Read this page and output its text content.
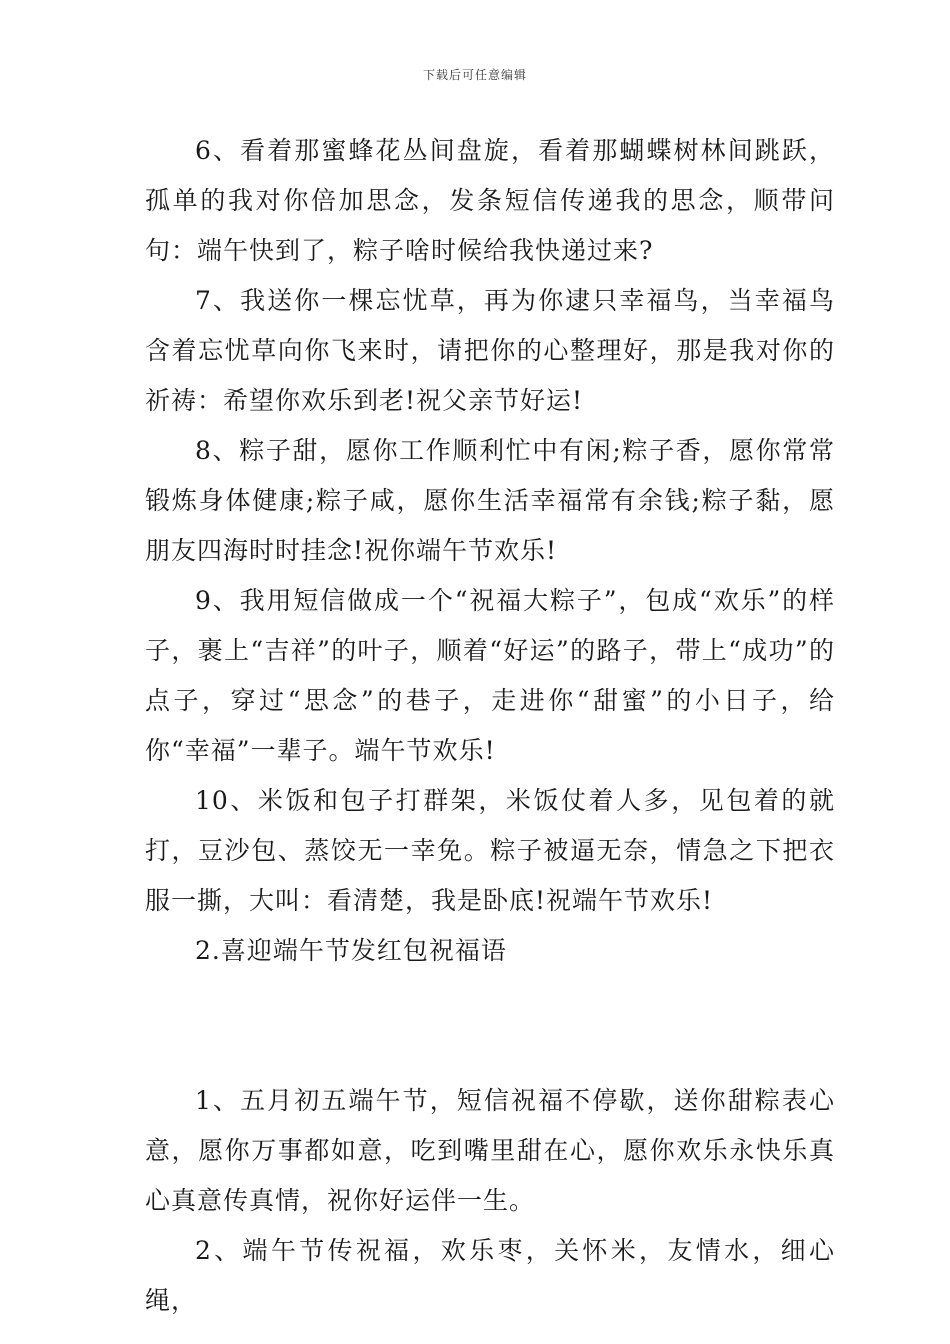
下载后可任意编辑

6、看着那蜜蜂花丛间盘旋，看着那蝴蝶树林间跳跃，孤单的我对你倍加思念，发条短信传递我的思念，顺带问句：端午快到了，粽子啥时候给我快递过来?

7、我送你一棵忘忧草，再为你逮只幸福鸟，当幸福鸟含着忘忧草向你飞来时，请把你的心整理好，那是我对你的祈祷：希望你欢乐到老!祝父亲节好运!

8、粽子甜，愿你工作顺利忙中有闲;粽子香，愿你常常锻炼身体健康;粽子咸，愿你生活幸福常有余钱;粽子黏，愿朋友四海时时挂念!祝你端午节欢乐!

9、我用短信做成一个“祝福大粽子”，包成“欢乐”的样子，裹上“吉祥”的叶子，顺着“好运”的路子，带上“成功”的点子，穿过“思念”的巷子，走进你“甜蜜”的小日子，给你“幸福”一辈子。端午节欢乐!

10、米饭和包子打群架，米饭仗着人多，见包着的就打，豆沙包、蒸饺无一幸免。粽子被逼无奈，情急之下把衣服一撕，大叫：看清楚，我是卧底!祝端午节欢乐!

2.喜迎端午节发红包祝福语

1、五月初五端午节，短信祝福不停歇，送你甜粽表心意，愿你万事都如意，吃到嘴里甜在心，愿你欢乐永快乐真心真意传真情，祝你好运伴一生。

2、端午节传祝福，欢乐枣，关怀米，友情水，细心绳，
